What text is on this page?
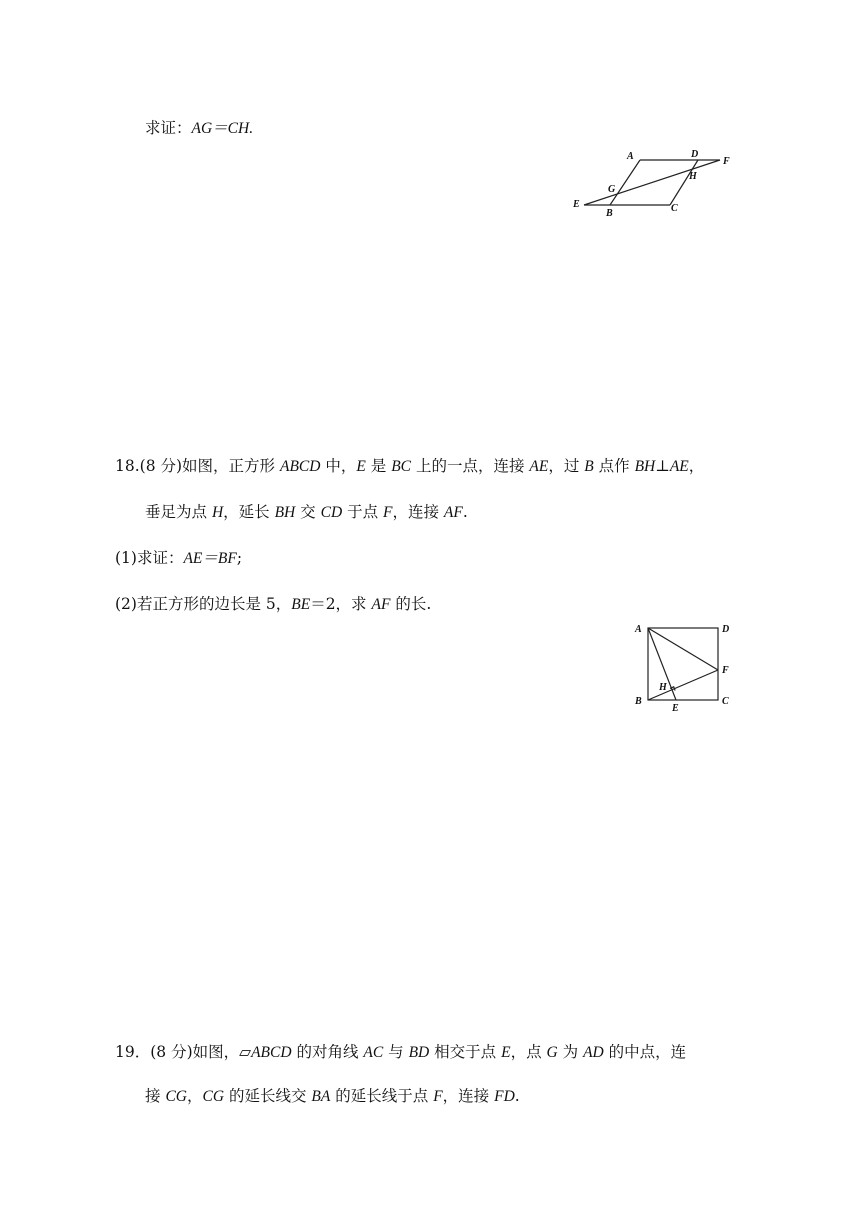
求证：AG＝CH.
A	D
F
H
G
E
B	C
18.(8 分)如图，正方形 ABCD 中，E 是 BC 上的一点，连接 AE，过 B 点作 BH⊥AE，
垂足为点 H，延长 BH 交 CD 于点 F，连接 AF.
(1)求证：AE＝BF;
(2)若正方形的边长是 5，BE＝2，求 AF 的长.
A	D
F
H
B
E
C
19．(8 分)如图，▱ABCD 的对角线 AC 与 BD 相交于点 E，点 G 为 AD 的中点，连
接 CG，CG 的延长线交 BA 的延长线于点 F，连接 FD.
